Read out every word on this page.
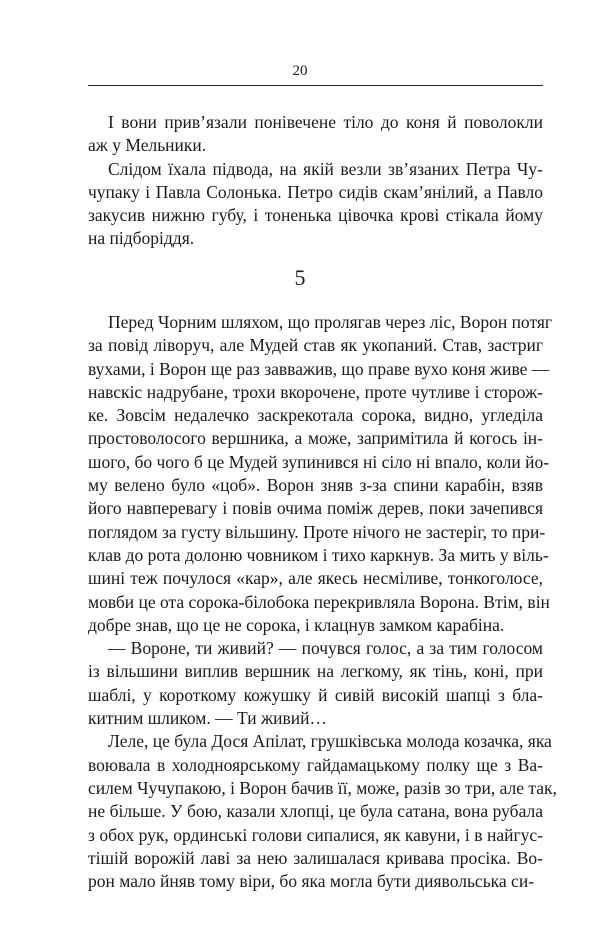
20
І вони прив’язали понівечене тіло до коня й поволокли
аж у Мельники.
Слідом їхала підвода, на якій везли зв’язаних Петра Чу-
чупаку і Павла Солонька. Петро сидів скам’янілий, а Павло
закусив нижню губу, і тоненька цівочка крові стікала йому
на підборіддя.
5
Перед Чорним шляхом, що пролягав через ліс, Ворон потяг
за повід ліворуч, але Мудей став як укопаний. Став, застриг
вухами, і Ворон ще раз завважив, що праве вухо коня живе —
навскіс надрубане, трохи вкорочене, проте чутливе і сторож-
ке. Зовсім недалечко заскрекотала сорока, видно, угледіла
простоволосого вершника, а може, запримітила й когось ін-
шого, бо чого б це Мудей зупинився ні сіло ні впало, коли йо-
му велено було «цоб». Ворон зняв з-за спини карабін, взяв
його навперевагу і повів очима поміж дерев, поки зачепився
поглядом за густу вільшину. Проте нічого не застеріг, то при-
клав до рота долоню човником і тихо каркнув. За мить у віль-
шині теж почулося «кар», але якесь несміливе, тонкоголосе,
мовби це ота сорока-білобока перекривляла Ворона. Втім, він
добре знав, що це не сорока, і клацнув замком карабіна.
— Вороне, ти живий? — почувся голос, а за тим голосом
із вільшини виплив вершник на легкому, як тінь, коні, при
шаблі, у короткому кожушку й сивій високій шапці з бла-
китним шликом. — Ти живий…
Леле, це була Дося Апілат, грушківська молода козачка, яка
воювала в холодноярському гайдамацькому полку ще з Ва-
силем Чучупакою, і Ворон бачив її, може, разів зо три, але так,
не більше. У бою, казали хлопці, це була сатана, вона рубала
з обох рук, ординські голови сипалися, як кавуни, і в найгус-
тішій ворожій лаві за нею залишалася кривава просіка. Во-
рон мало йняв тому віри, бо яка могла бути диявольська си-
